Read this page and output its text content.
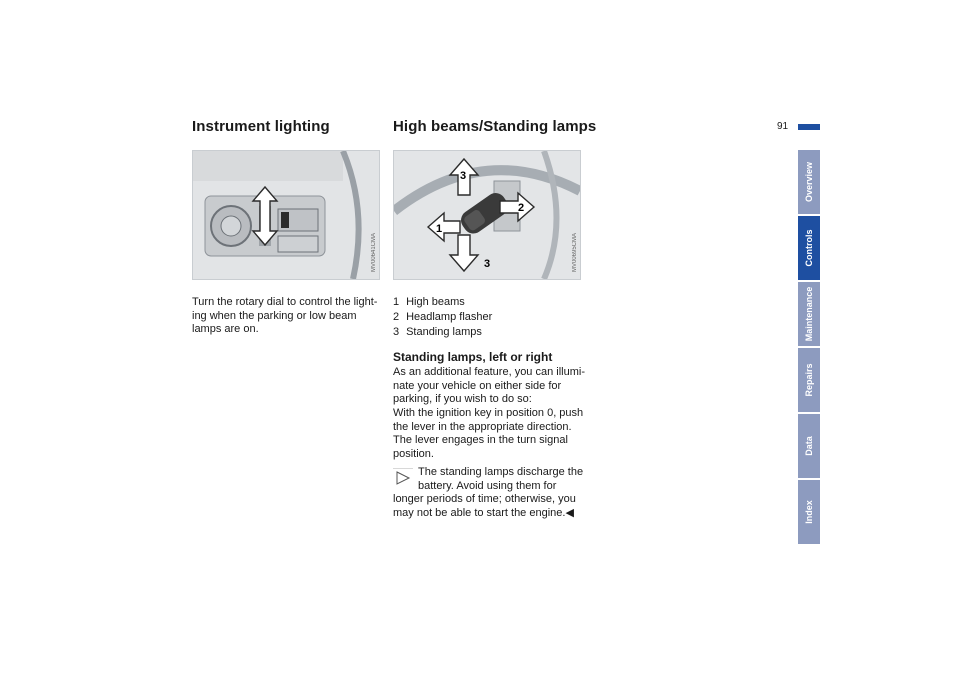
91
Instrument lighting
MV00641CMA
Turn the rotary dial to control the light-
ing when the parking or low beam
lamps are on.
High beams/Standing lamps
3
2
1
3	MV00695CMA
1 High beams
2 Headlamp flasher
3 Standing lamps
Standing lamps, left or right
As an additional feature, you can illumi-
nate your vehicle on either side for
parking, if you wish to do so:
With the ignition key in position 0, push
the lever in the appropriate direction.
The lever engages in the turn signal
position.
The standing lamps discharge the
battery. Avoid using them for
longer periods of time; otherwise, you
may not be able to start the engine.◀
Overview
Controls
Maintenance
Repairs
Data
Index
